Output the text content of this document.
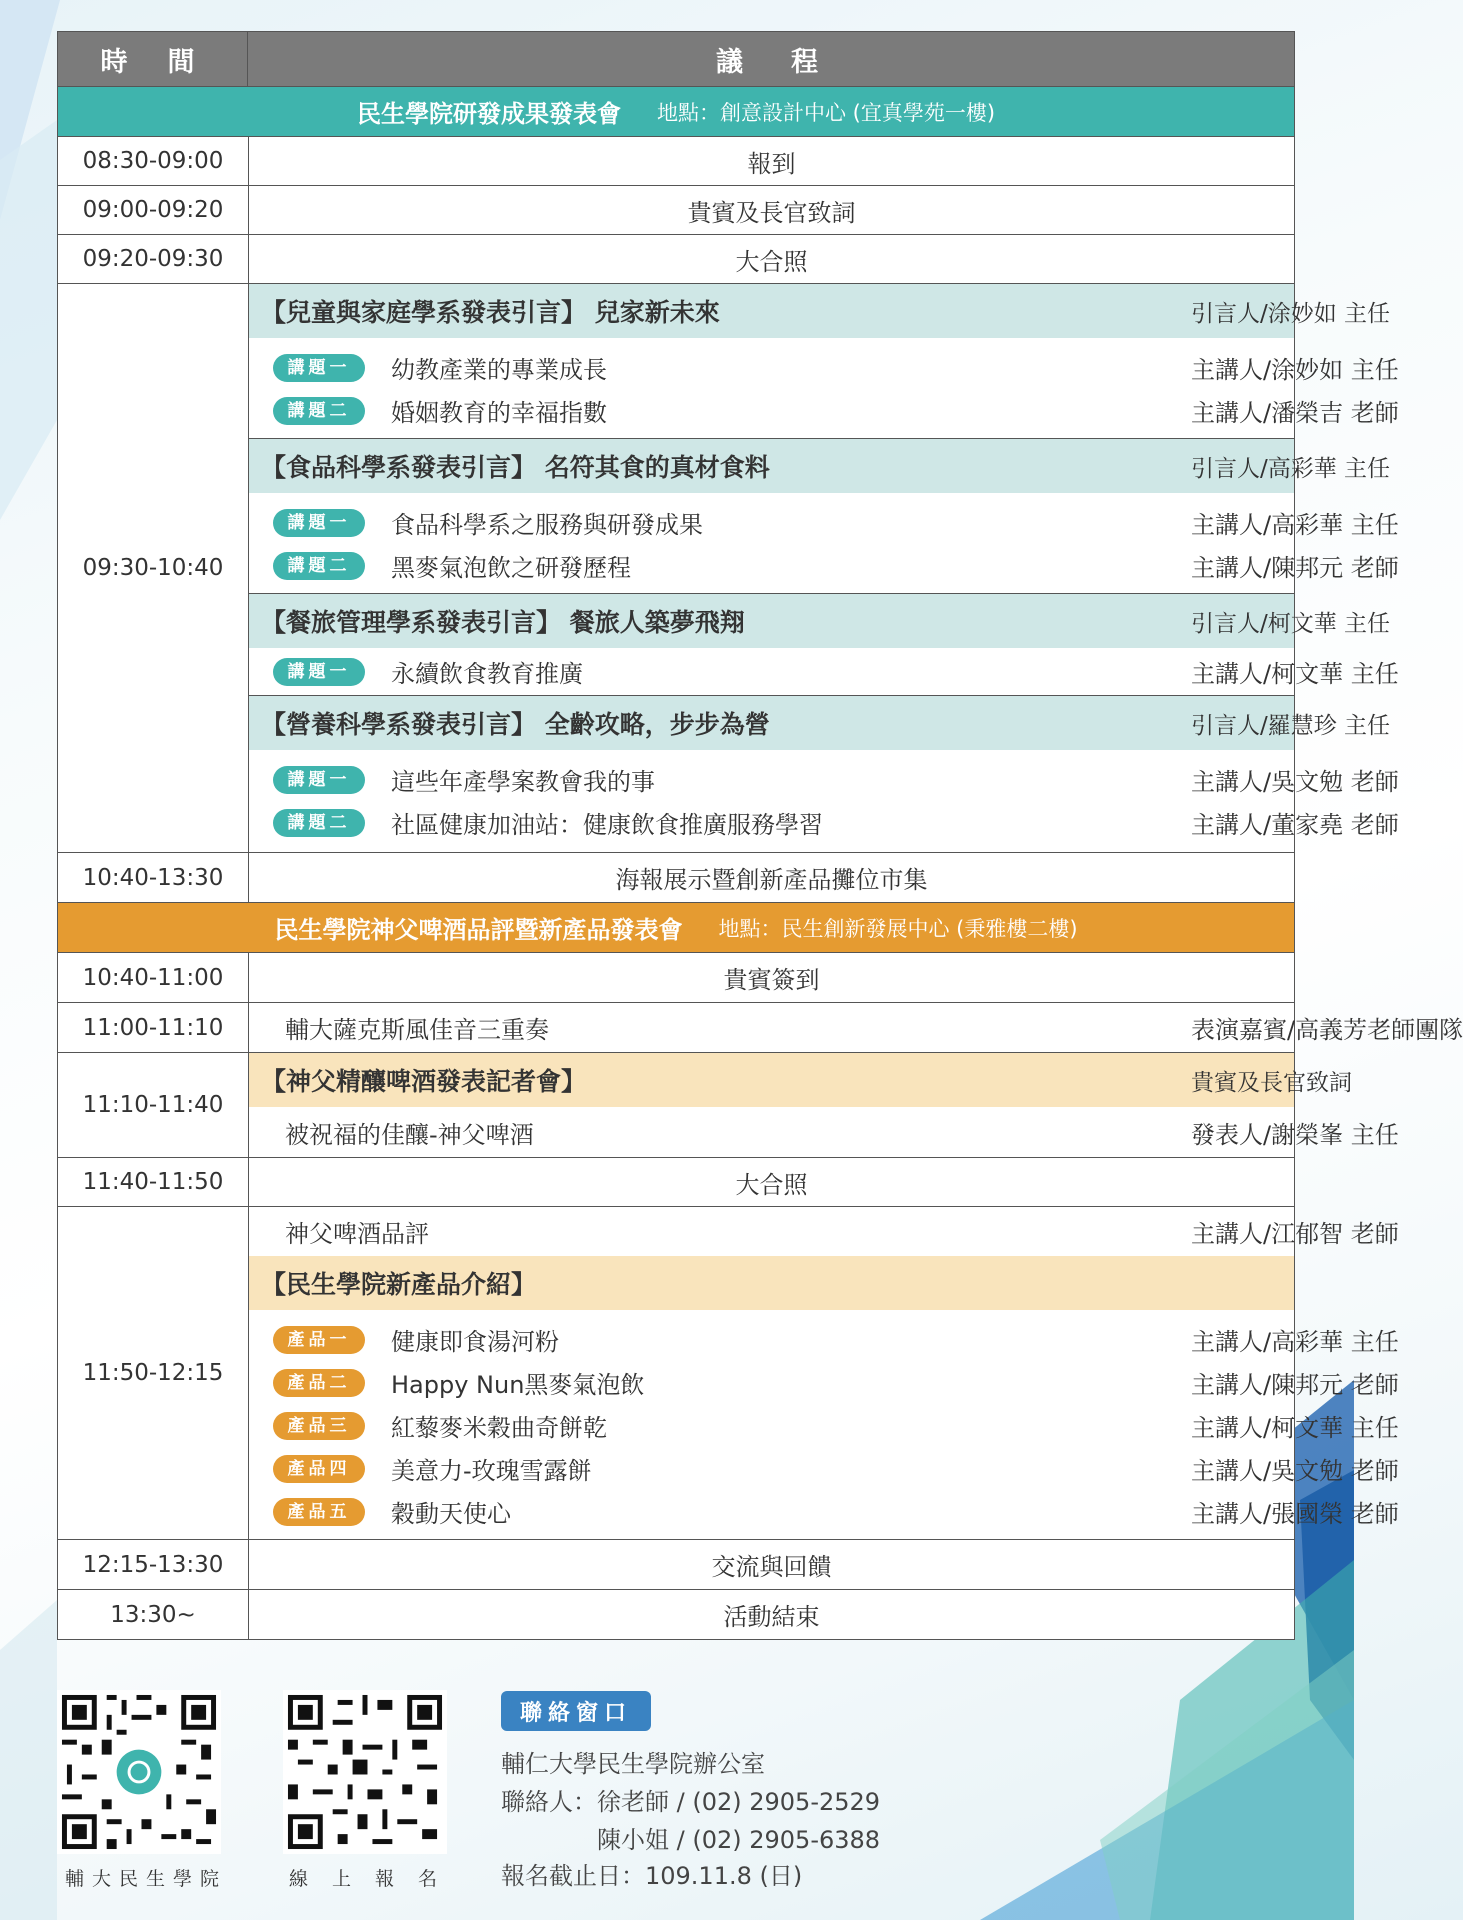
時間	議程
民生學院研發成果發表會 地點：創意設計中心 (宜真學苑一樓)
08:30-09:00	報到
09:00-09:20	貴賓及長官致詞
09:20-09:30	大合照
09:30-10:40
【兒童與家庭學系發表引言】 兒家新未來	引言人/涂妙如 主任
講題一	幼教產業的專業成長	主講人/涂妙如 主任
講題二	婚姻教育的幸福指數	主講人/潘榮吉 老師
【食品科學系發表引言】 名符其食的真材食料	引言人/高彩華 主任
講題一	食品科學系之服務與研發成果	主講人/高彩華 主任
講題二	黑麥氣泡飲之研發歷程	主講人/陳邦元 老師
【餐旅管理學系發表引言】 餐旅人築夢飛翔	引言人/柯文華 主任
講題一	永續飲食教育推廣	主講人/柯文華 主任
【營養科學系發表引言】 全齡攻略，步步為營	引言人/羅慧珍 主任
講題一	這些年產學案教會我的事	主講人/吳文勉 老師
講題二	社區健康加油站：健康飲食推廣服務學習	主講人/董家堯 老師
10:40-13:30	海報展示暨創新產品攤位市集
民生學院神父啤酒品評暨新產品發表會 地點：民生創新發展中心 (秉雅樓二樓)
10:40-11:00	貴賓簽到
11:00-11:10	輔大薩克斯風佳音三重奏	表演嘉賓/高義芳老師團隊
11:10-11:40
【神父精釀啤酒發表記者會】	貴賓及長官致詞
被祝福的佳釀-神父啤酒	發表人/謝榮峯 主任
11:40-11:50	大合照
11:50-12:15
神父啤酒品評	主講人/江郁智 老師
【民生學院新產品介紹】
產品一	健康即食湯河粉	主講人/高彩華 主任
產品二	Happy Nun黑麥氣泡飲	主講人/陳邦元 老師
產品三	紅藜麥米穀曲奇餅乾	主講人/柯文華 主任
產品四	美意力-玫瑰雪露餅	主講人/吳文勉 老師
產品五	穀動天使心	主講人/張國榮 老師
12:15-13:30	交流與回饋
13:30~	活動結束
輔大民生學院	線上報名
聯絡窗口
輔仁大學民生學院辦公室
聯絡人：徐老師 / (02) 2905-2529
陳小姐 / (02) 2905-6388
報名截止日：109.11.8 (日)
